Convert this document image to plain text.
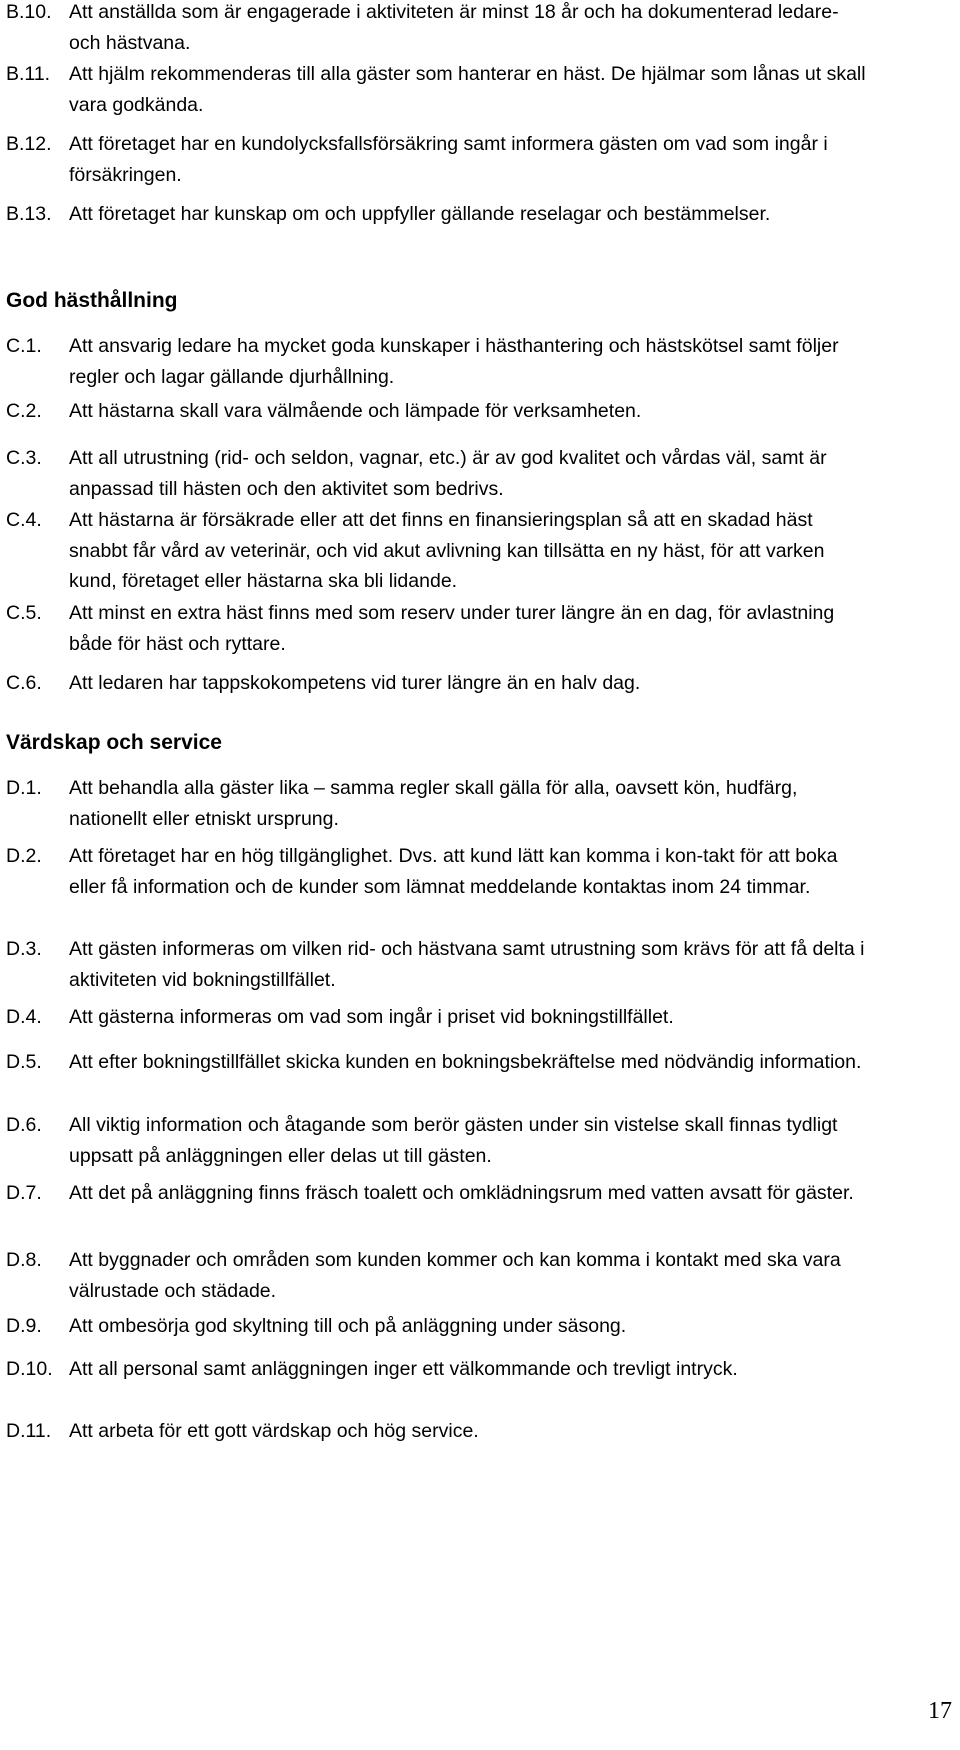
B.10. Att anställda som är engagerade i aktiviteten är minst 18 år och ha dokumenterad ledare- och hästvana.
B.11. Att hjälm rekommenderas till alla gäster som hanterar en häst. De hjälmar som lånas ut skall vara godkända.
B.12. Att företaget har en kundolycksfallsförsäkring samt informera gästen om vad som ingår i försäkringen.
B.13. Att företaget har kunskap om och uppfyller gällande reselagar och bestämmelser.
God hästhållning
C.1. Att ansvarig ledare ha mycket goda kunskaper i hästhantering och hästskötsel samt följer regler och lagar gällande djurhållning.
C.2. Att hästarna skall vara välmående och lämpade för verksamheten.
C.3. Att all utrustning (rid- och seldon, vagnar, etc.) är av god kvalitet och vårdas väl, samt är anpassad till hästen och den aktivitet som bedrivs.
C.4. Att hästarna är försäkrade eller att det finns en finansieringsplan så att en skadad häst snabbt får vård av veterinär, och vid akut avlivning kan tillsätta en ny häst, för att varken kund, företaget eller hästarna ska bli lidande.
C.5. Att minst en extra häst finns med som reserv under turer längre än en dag, för avlastning både för häst och ryttare.
C.6. Att ledaren har tappskokompetens vid turer längre än en halv dag.
Värdskap och service
D.1. Att behandla alla gäster lika – samma regler skall gälla för alla, oavsett kön, hudfärg, nationellt eller etniskt ursprung.
D.2. Att företaget har en hög tillgänglighet. Dvs. att kund lätt kan komma i kon-takt för att boka eller få information och de kunder som lämnat meddelande kontaktas inom 24 timmar.
D.3. Att gästen informeras om vilken rid- och hästvana samt utrustning som krävs för att få delta i aktiviteten vid bokningstillfället.
D.4. Att gästerna informeras om vad som ingår i priset vid bokningstillfället.
D.5. Att efter bokningstillfället skicka kunden en bokningsbekräftelse med nödvändig information.
D.6. All viktig information och åtagande som berör gästen under sin vistelse skall finnas tydligt uppsatt på anläggningen eller delas ut till gästen.
D.7. Att det på anläggning finns fräsch toalett och omklädningsrum med vatten avsatt för gäster.
D.8. Att byggnader och områden som kunden kommer och kan komma i kontakt med ska vara välrustade och städade.
D.9. Att ombesörja god skyltning till och på anläggning under säsong.
D.10. Att all personal samt anläggningen inger ett välkommande och trevligt intryck.
D.11. Att arbeta för ett gott värdskap och hög service.
17
